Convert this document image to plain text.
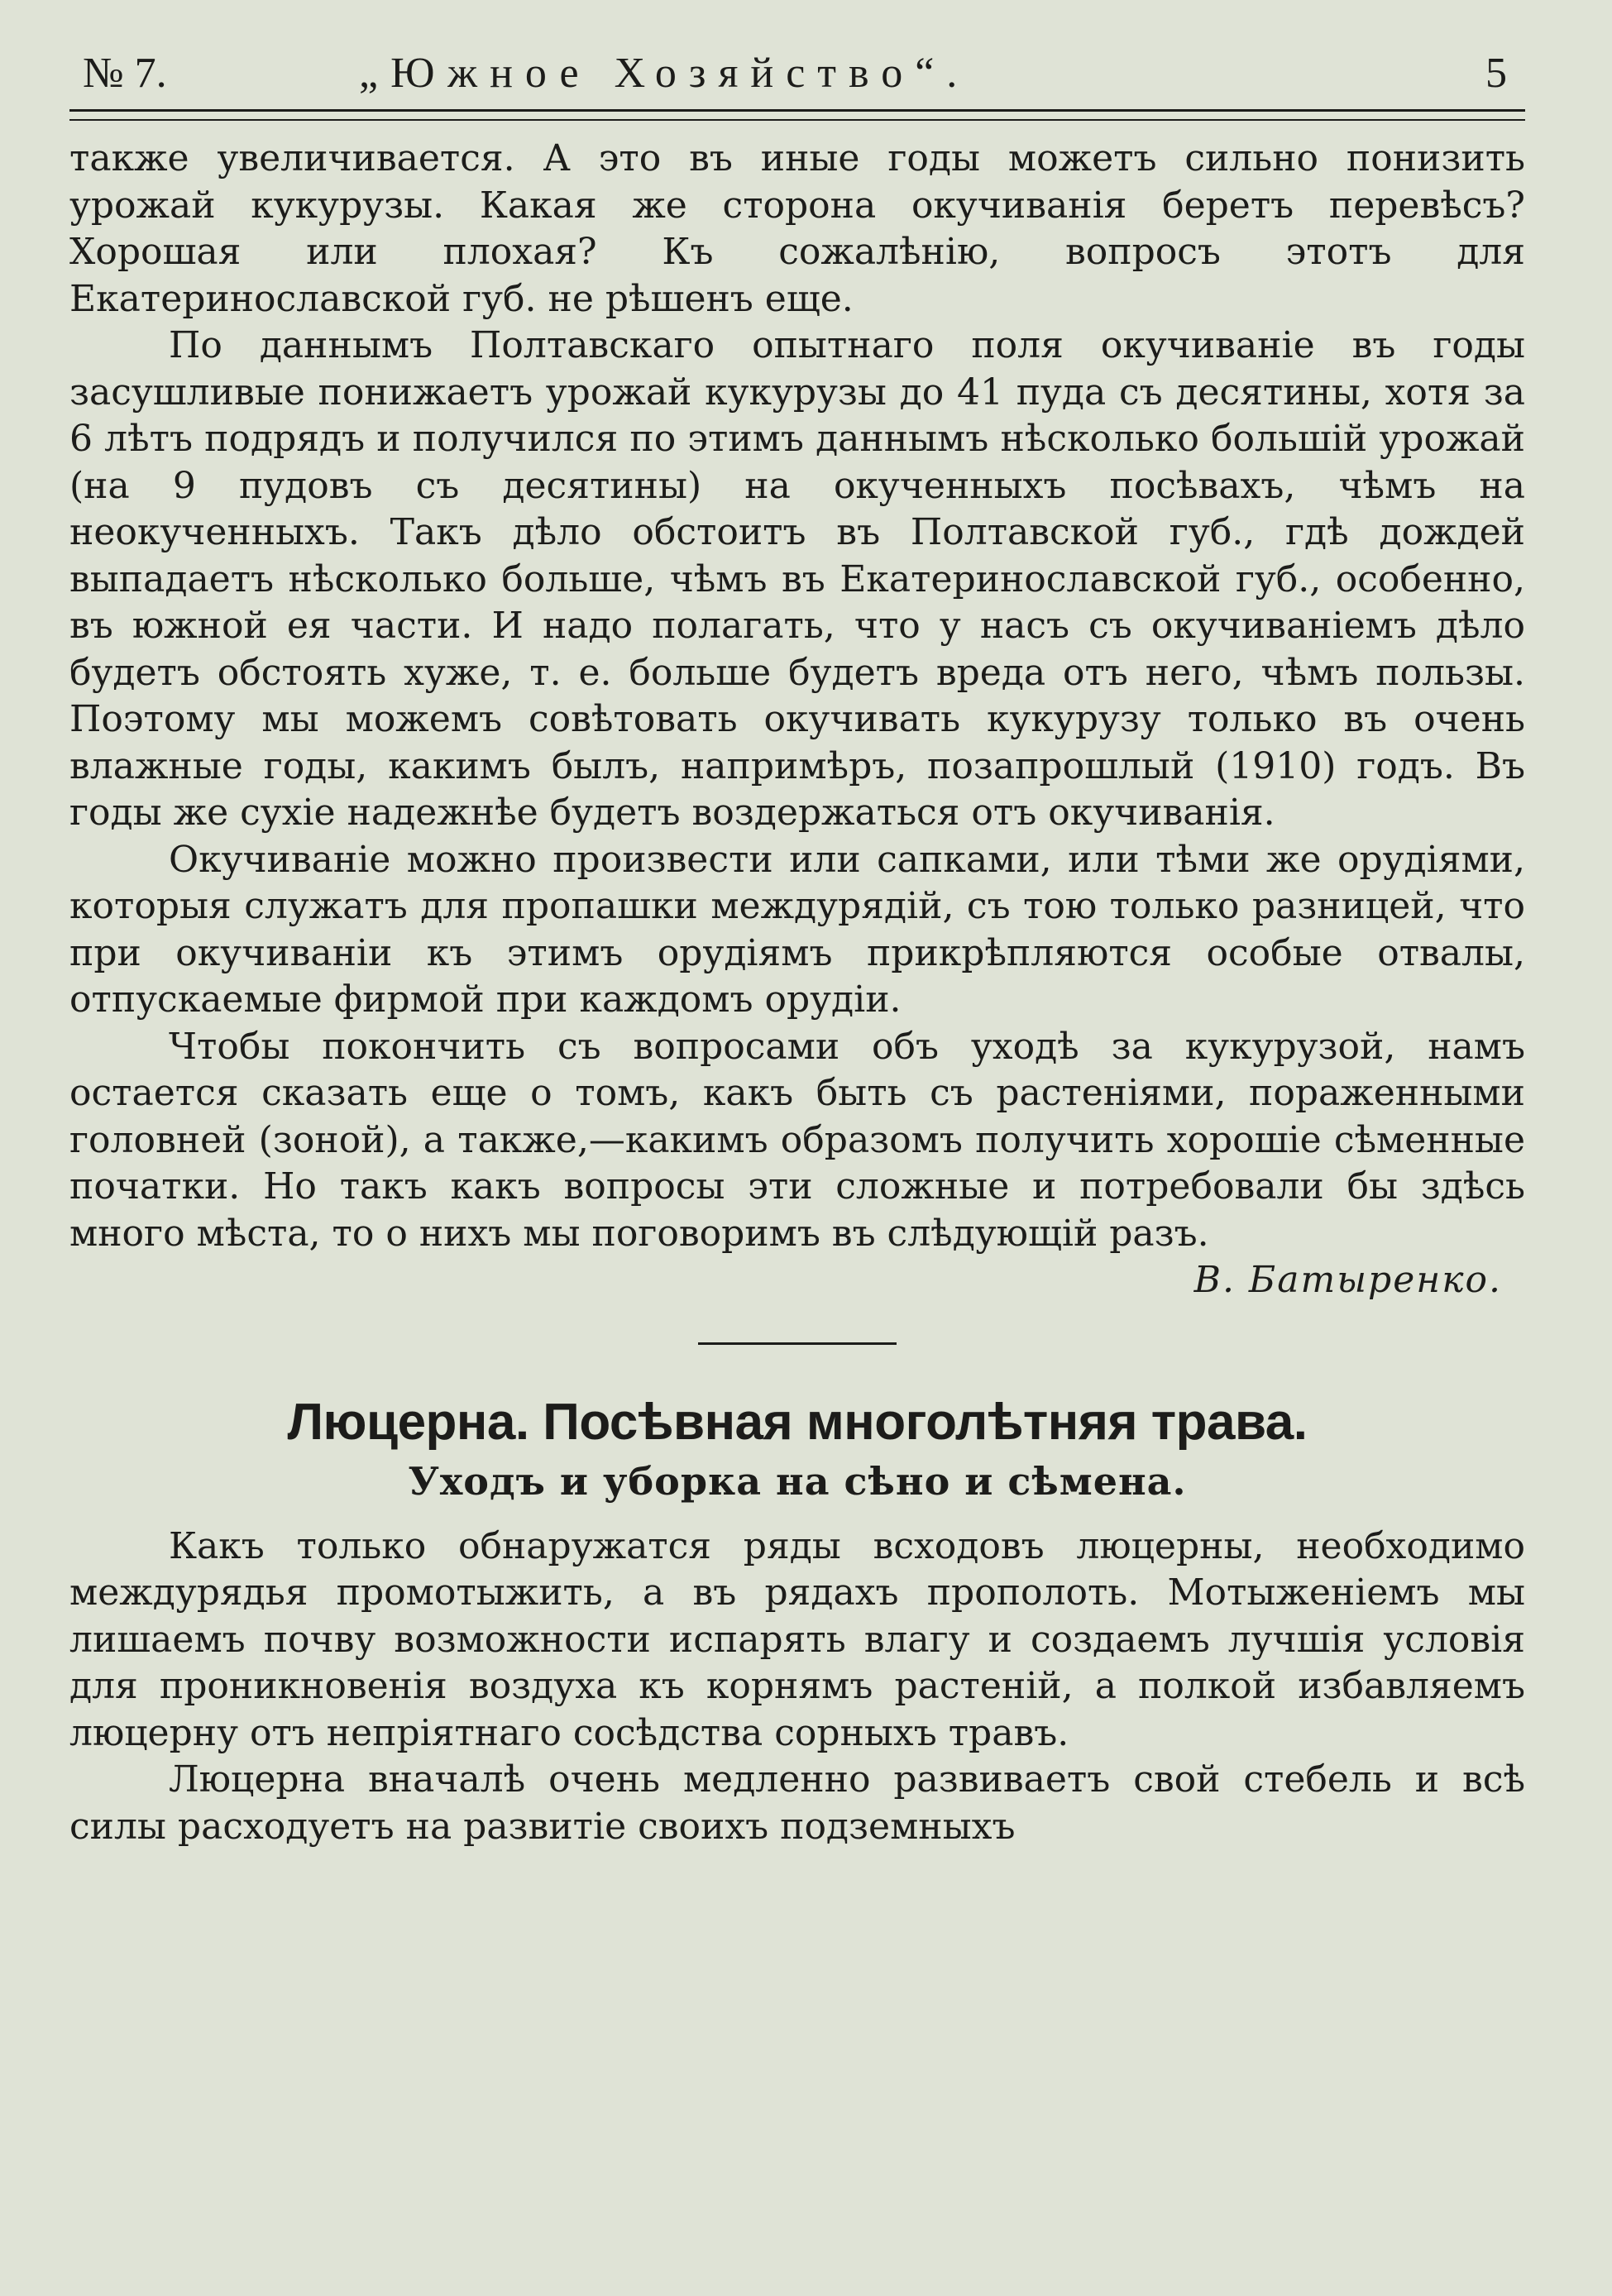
№ 7.	„Южное Хозяйство“.	5

также увеличивается. А это въ иные годы можетъ сильно понизить урожай кукурузы. Какая же сторона окучиванія беретъ перевѣсъ? Хорошая или плохая? Къ сожалѣнію, вопросъ этотъ для Екатеринославской губ. не рѣшенъ еще.

По даннымъ Полтавскаго опытнаго поля окучиваніе въ годы засушливые понижаетъ урожай кукурузы до 41 пуда съ десятины, хотя за 6 лѣтъ подрядъ и получился по этимъ даннымъ нѣсколько большій урожай (на 9 пудовъ съ десятины) на окученныхъ посѣвахъ, чѣмъ на неокученныхъ. Такъ дѣло обстоитъ въ Полтавской губ., гдѣ дождей выпадаетъ нѣсколько больше, чѣмъ въ Екатеринославской губ., особенно, въ южной ея части. И надо полагать, что у насъ съ окучиваніемъ дѣло будетъ обстоять хуже, т. е. больше будетъ вреда отъ него, чѣмъ пользы. Поэтому мы можемъ совѣтовать окучивать кукурузу только въ очень влажные годы, какимъ былъ, напримѣръ, позапрошлый (1910) годъ. Въ годы же сухіе надежнѣе будетъ воздержаться отъ окучиванія.

Окучиваніе можно произвести или сапками, или тѣми же орудіями, которыя служатъ для пропашки междурядій, съ тою только разницей, что при окучиваніи къ этимъ орудіямъ прикрѣпляются особые отвалы, отпускаемые фирмой при каждомъ орудіи.

Чтобы покончить съ вопросами объ уходѣ за кукурузой, намъ остается сказать еще о томъ, какъ быть съ растеніями, пораженными головней (зоной), а также,—какимъ образомъ получить хорошіе сѣменные початки. Но такъ какъ вопросы эти сложные и потребовали бы здѣсь много мѣста, то о нихъ мы поговоримъ въ слѣдующій разъ.

В. Батыренко.
Люцерна. Посѣвная многолѣтняя трава.
Уходъ и уборка на сѣно и сѣмена.

Какъ только обнаружатся ряды всходовъ люцерны, необходимо междурядья промотыжить, а въ рядахъ прополоть. Мотыженіемъ мы лишаемъ почву возможности испарять влагу и создаемъ лучшія условія для проникновенія воздуха къ корнямъ растеній, а полкой избавляемъ люцерну отъ непріятнаго сосѣдства сорныхъ травъ.

Люцерна вначалѣ очень медленно развиваетъ свой стебель и всѣ силы расходуетъ на развитіе своихъ подземныхъ
